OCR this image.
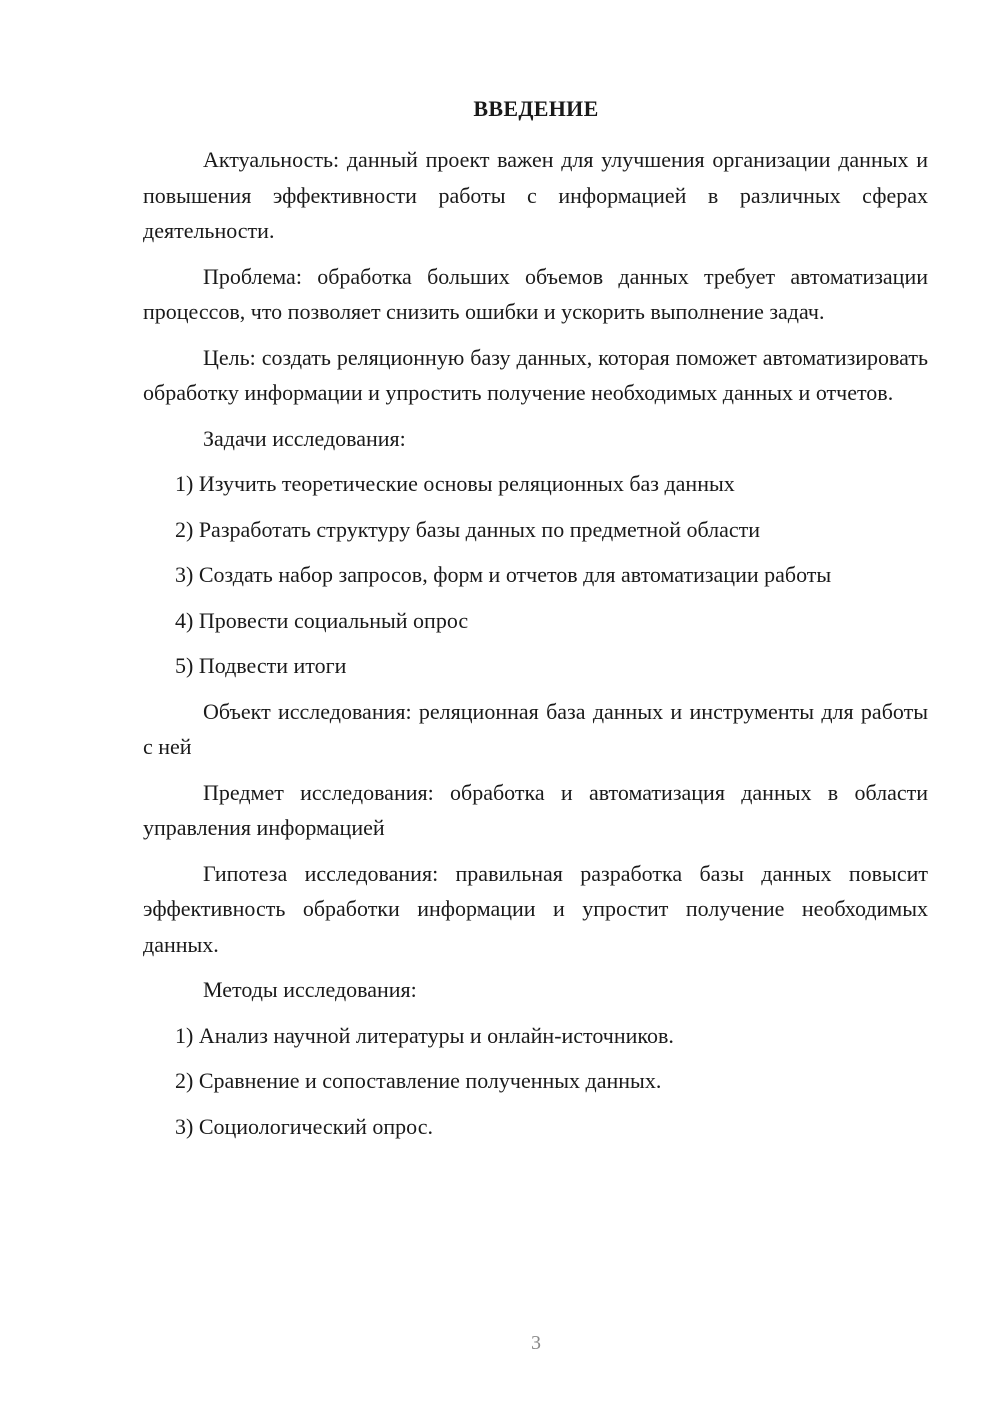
ВВЕДЕНИЕ

Актуальность: данный проект важен для улучшения организации данных и повышения эффективности работы с информацией в различных сферах деятельности.

Проблема: обработка больших объемов данных требует автоматизации процессов, что позволяет снизить ошибки и ускорить выполнение задач.

Цель: создать реляционную базу данных, которая поможет автоматизировать обработку информации и упростить получение необходимых данных и отчетов.

Задачи исследования:

1) Изучить теоретические основы реляционных баз данных

2) Разработать структуру базы данных по предметной области

3) Создать набор запросов, форм и отчетов для автоматизации работы

4) Провести социальный опрос

5) Подвести итоги

Объект исследования: реляционная база данных и инструменты для работы с ней

Предмет исследования: обработка и автоматизация данных в области управления информацией

Гипотеза исследования: правильная разработка базы данных повысит эффективность обработки информации и упростит получение необходимых данных.

Методы исследования:

1) Анализ научной литературы и онлайн-источников.

2) Сравнение и сопоставление полученных данных.

3) Социологический опрос.

3
